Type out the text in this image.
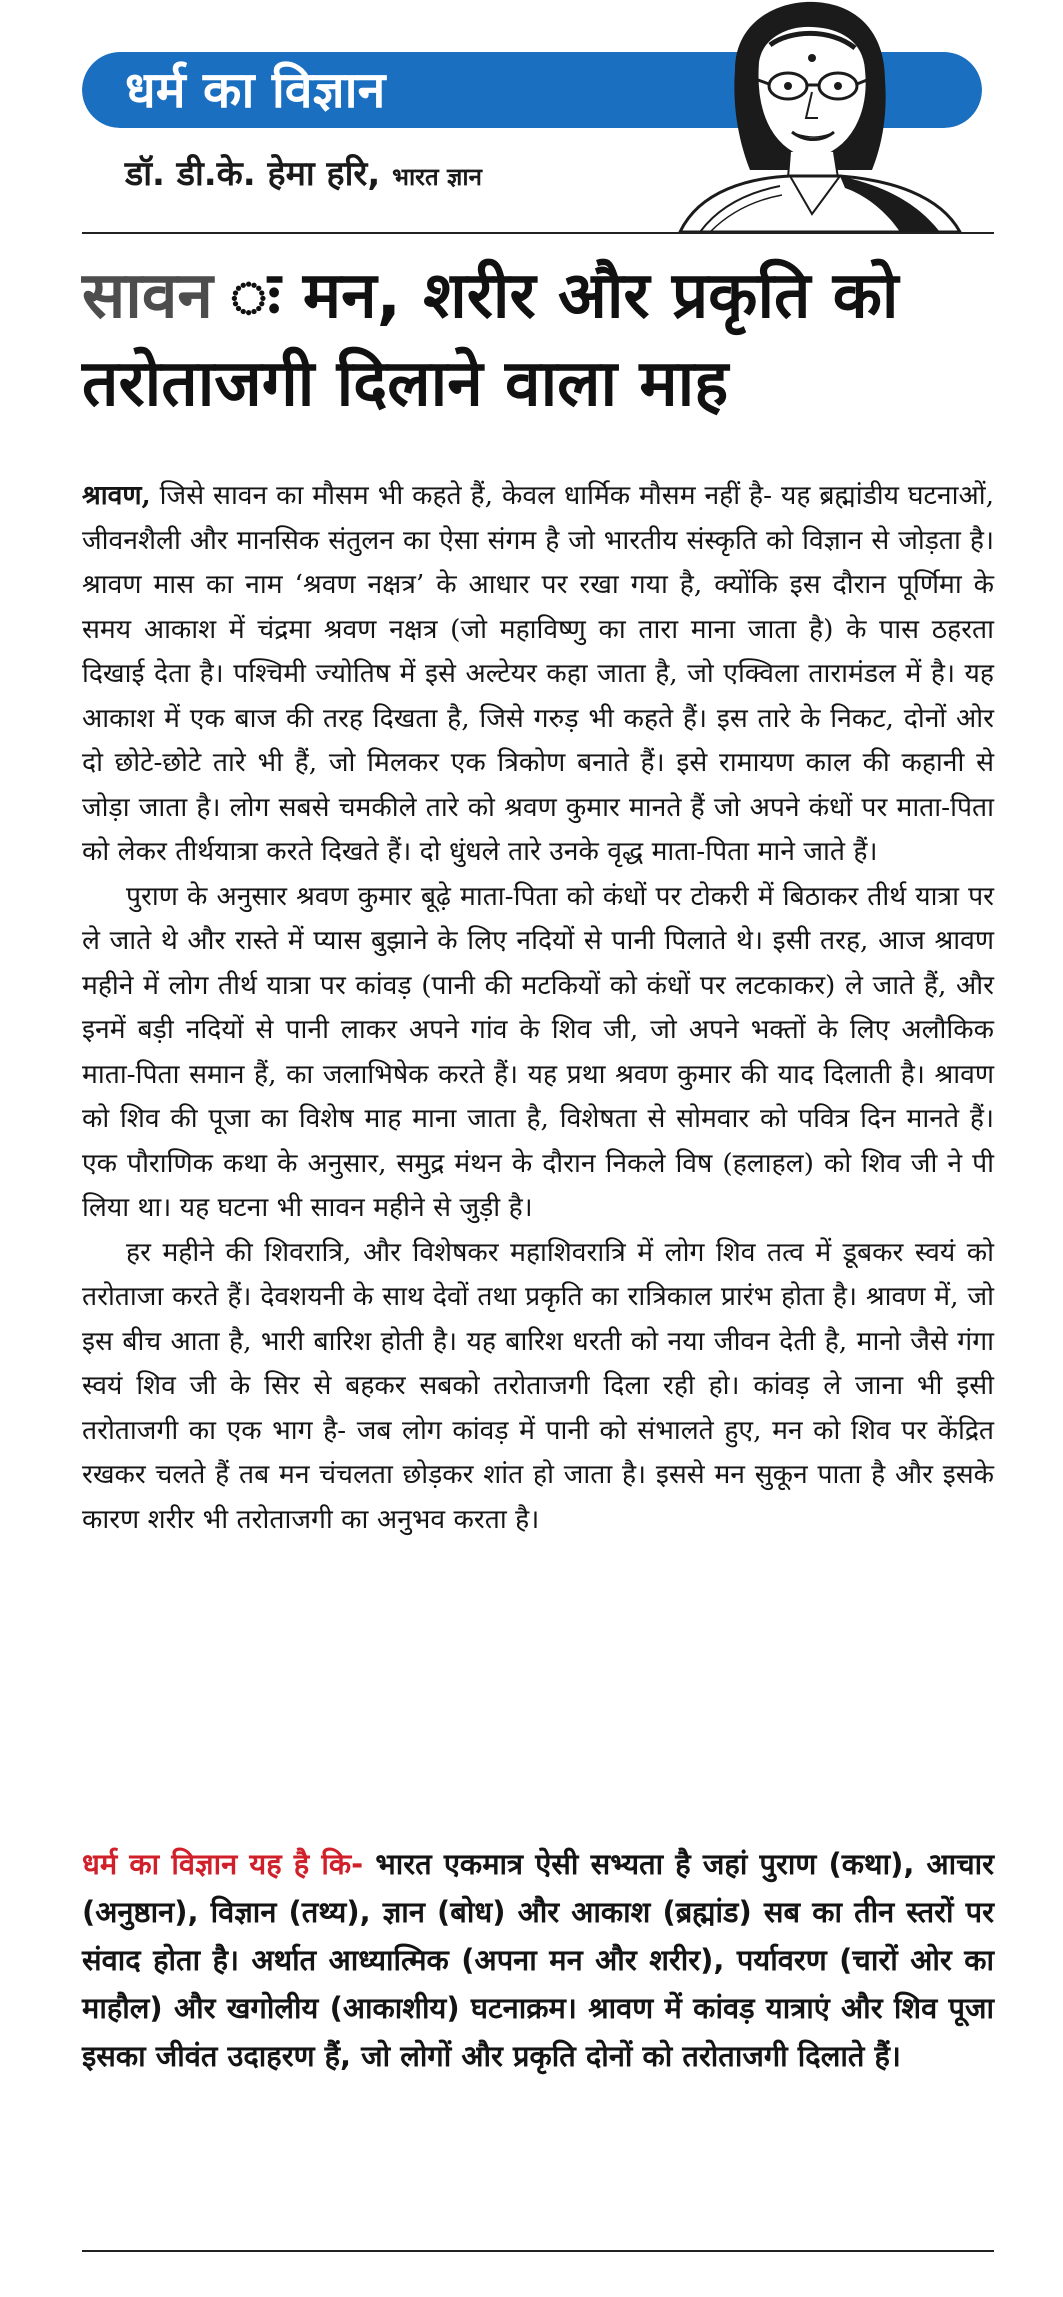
धर्म का विज्ञान
डॉ. डी.के. हेमा हरि, भारत ज्ञान
सावन मन, शरीर और प्रकृति को
तरोताजगी दिलाने वाला माह

श्रावण, जिसे सावन का मौसम भी कहते हैं, केवल धार्मिक मौसम नहीं है- यह ब्रह्मांडीय घटनाओं, जीवनशैली और मानसिक संतुलन का ऐसा संगम है जो भारतीय संस्कृति को विज्ञान से जोड़ता है। श्रावण मास का नाम ‘श्रवण नक्षत्र’ के आधार पर रखा गया है, क्योंकि इस दौरान पूर्णिमा के समय आकाश में चंद्रमा श्रवण नक्षत्र (जो महाविष्णु का तारा माना जाता है) के पास ठहरता दिखाई देता है। पश्चिमी ज्योतिष में इसे अल्टेयर कहा जाता है, जो एक्विला तारामंडल में है। यह आकाश में एक बाज की तरह दिखता है, जिसे गरुड़ भी कहते हैं। इस तारे के निकट, दोनों ओर दो छोटे-छोटे तारे भी हैं, जो मिलकर एक त्रिकोण बनाते हैं। इसे रामायण काल की कहानी से जोड़ा जाता है। लोग सबसे चमकीले तारे को श्रवण कुमार मानते हैं जो अपने कंधों पर माता-पिता को लेकर तीर्थयात्रा करते दिखते हैं। दो धुंधले तारे उनके वृद्ध माता-पिता माने जाते हैं।

पुराण के अनुसार श्रवण कुमार बूढ़े माता-पिता को कंधों पर टोकरी में बिठाकर तीर्थ यात्रा पर ले जाते थे और रास्ते में प्यास बुझाने के लिए नदियों से पानी पिलाते थे। इसी तरह, आज श्रावण महीने में लोग तीर्थ यात्रा पर कांवड़ (पानी की मटकियों को कंधों पर लटकाकर) ले जाते हैं, और इनमें बड़ी नदियों से पानी लाकर अपने गांव के शिव जी, जो अपने भक्तों के लिए अलौकिक माता-पिता समान हैं, का जलाभिषेक करते हैं। यह प्रथा श्रवण कुमार की याद दिलाती है। श्रावण को शिव की पूजा का विशेष माह माना जाता है, विशेषता से सोमवार को पवित्र दिन मानते हैं। एक पौराणिक कथा के अनुसार, समुद्र मंथन के दौरान निकले विष (हलाहल) को शिव जी ने पी लिया था। यह घटना भी सावन महीने से जुड़ी है।

हर महीने की शिवरात्रि, और विशेषकर महाशिवरात्रि में लोग शिव तत्व में डूबकर स्वयं को तरोताजा करते हैं। देवशयनी के साथ देवों तथा प्रकृति का रात्रिकाल प्रारंभ होता है। श्रावण में, जो इस बीच आता है, भारी बारिश होती है। यह बारिश धरती को नया जीवन देती है, मानो जैसे गंगा स्वयं शिव जी के सिर से बहकर सबको तरोताजगी दिला रही हो। कांवड़ ले जाना भी इसी तरोताजगी का एक भाग है- जब लोग कांवड़ में पानी को संभालते हुए, मन को शिव पर केंद्रित रखकर चलते हैं तब मन चंचलता छोड़कर शांत हो जाता है। इससे मन सुकून पाता है और इसके कारण शरीर भी तरोताजगी का अनुभव करता है।

धर्म का विज्ञान यह है कि- भारत एकमात्र ऐसी सभ्यता है जहां पुराण (कथा), आचार (अनुष्ठान), विज्ञान (तथ्य), ज्ञान (बोध) और आकाश (ब्रह्मांड) सब का तीन स्तरों पर संवाद होता है। अर्थात आध्यात्मिक (अपना मन और शरीर), पर्यावरण (चारों ओर का माहौल) और खगोलीय (आकाशीय) घटनाक्रम। श्रावण में कांवड़ यात्राएं और शिव पूजा इसका जीवंत उदाहरण हैं, जो लोगों और प्रकृति दोनों को तरोताजगी दिलाते हैं।
